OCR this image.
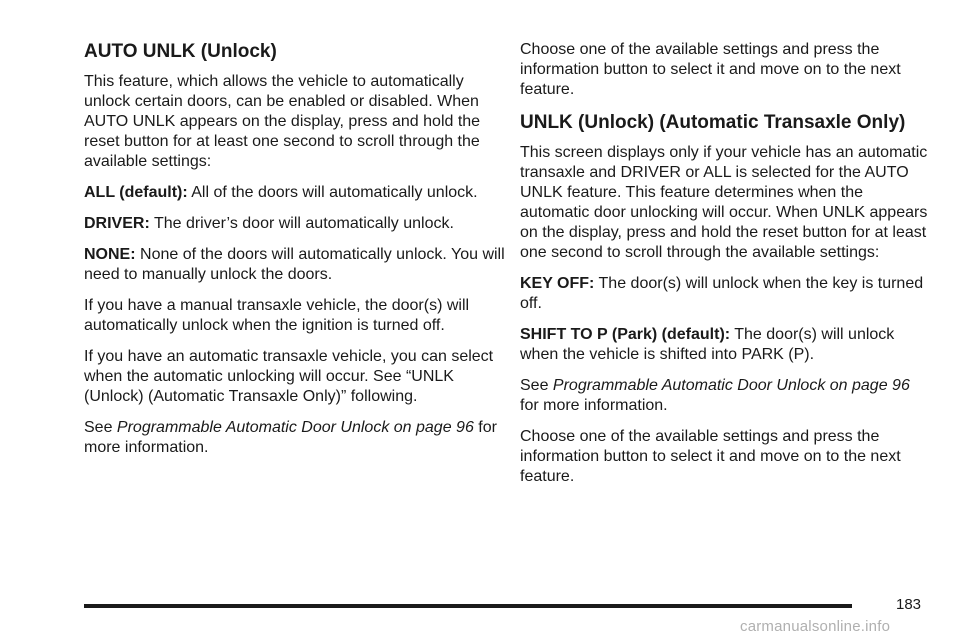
AUTO UNLK (Unlock)

This feature, which allows the vehicle to automatically unlock certain doors, can be enabled or disabled. When AUTO UNLK appears on the display, press and hold the reset button for at least one second to scroll through the available settings:

ALL (default): All of the doors will automatically unlock.

DRIVER: The driver’s door will automatically unlock.

NONE: None of the doors will automatically unlock. You will need to manually unlock the doors.

If you have a manual transaxle vehicle, the door(s) will automatically unlock when the ignition is turned off.

If you have an automatic transaxle vehicle, you can select when the automatic unlocking will occur. See “UNLK (Unlock) (Automatic Transaxle Only)” following.

See Programmable Automatic Door Unlock on page 96 for more information.

Choose one of the available settings and press the information button to select it and move on to the next feature.

UNLK (Unlock) (Automatic Transaxle Only)

This screen displays only if your vehicle has an automatic transaxle and DRIVER or ALL is selected for the AUTO UNLK feature. This feature determines when the automatic door unlocking will occur. When UNLK appears on the display, press and hold the reset button for at least one second to scroll through the available settings:

KEY OFF: The door(s) will unlock when the key is turned off.

SHIFT TO P (Park) (default): The door(s) will unlock when the vehicle is shifted into PARK (P).

See Programmable Automatic Door Unlock on page 96 for more information.

Choose one of the available settings and press the information button to select it and move on to the next feature.

183
carmanualsonline.info
